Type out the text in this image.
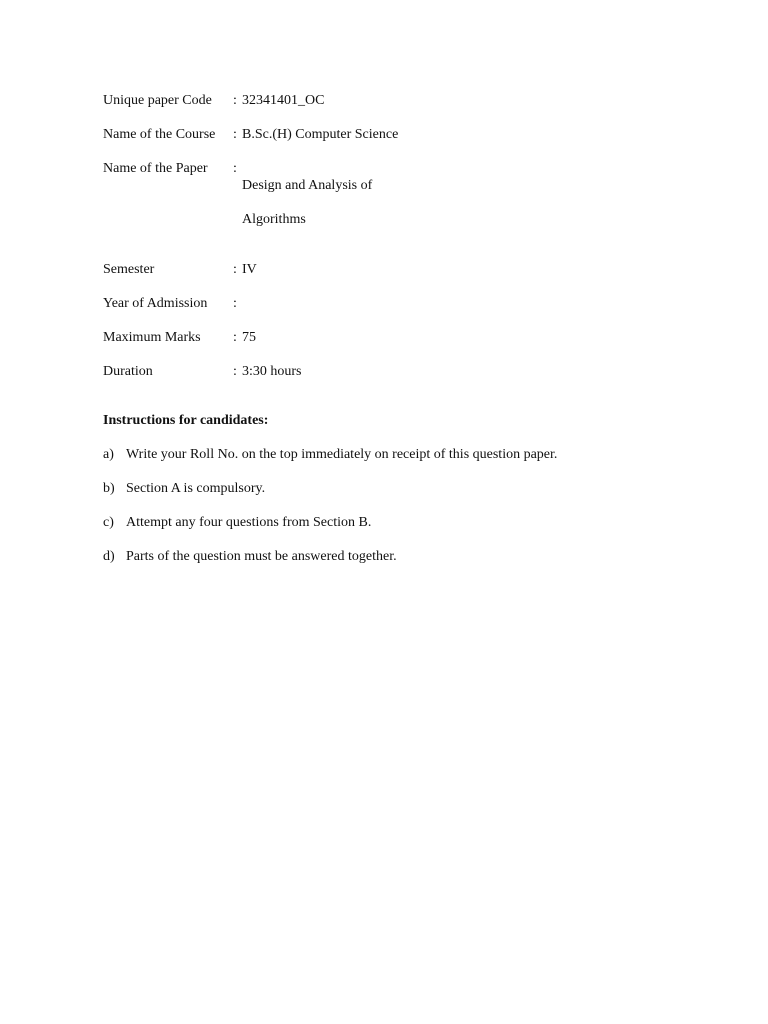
Unique paper Code	: 32341401_OC
Name of the Course	: B.Sc.(H) Computer Science
Name of the Paper	:

Design and Analysis of

Algorithms

Semester	: IV
Year of Admission	:
Maximum Marks	: 75
Duration	: 3:30 hours
Instructions for candidates:
a) Write your Roll No. on the top immediately on receipt of this question paper.
b) Section A is compulsory.
c) Attempt any four questions from Section B.
d) Parts of the question must be answered together.
